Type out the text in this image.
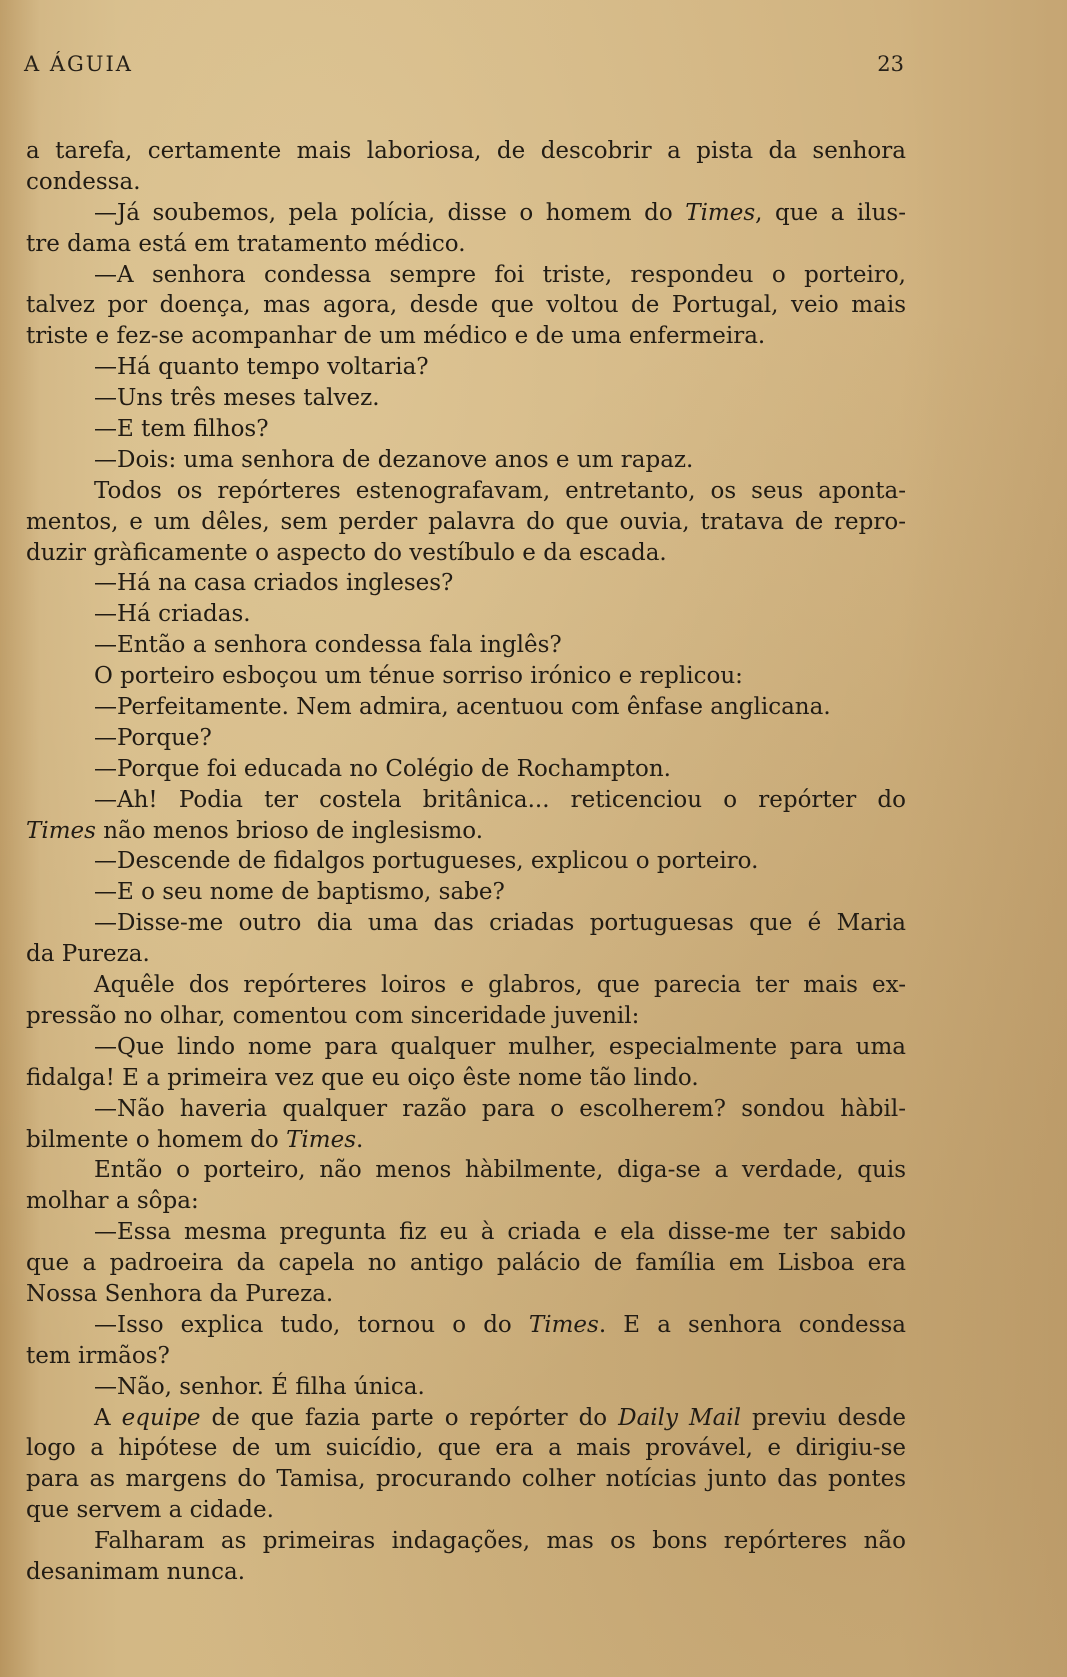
A ÁGUIA	23
a tarefa, certamente mais laboriosa, de descobrir a pista da senhora
condessa.
—Já soubemos, pela polícia, disse o homem do Times, que a ilus-
tre dama está em tratamento médico.
—A senhora condessa sempre foi triste, respondeu o porteiro,
talvez por doença, mas agora, desde que voltou de Portugal, veio mais
triste e fez-se acompanhar de um médico e de uma enfermeira.
—Há quanto tempo voltaria?
—Uns três meses talvez.
—E tem filhos?
—Dois: uma senhora de dezanove anos e um rapaz.
Todos os repórteres estenografavam, entretanto, os seus aponta-
mentos, e um dêles, sem perder palavra do que ouvia, tratava de repro-
duzir gràficamente o aspecto do vestíbulo e da escada.
—Há na casa criados ingleses?
—Há criadas.
—Então a senhora condessa fala inglês?
O porteiro esboçou um ténue sorriso irónico e replicou:
—Perfeitamente. Nem admira, acentuou com ênfase anglicana.
—Porque?
—Porque foi educada no Colégio de Rochampton.
—Ah! Podia ter costela britânica... reticenciou o repórter do
Times não menos brioso de inglesismo.
—Descende de fidalgos portugueses, explicou o porteiro.
—E o seu nome de baptismo, sabe?
—Disse-me outro dia uma das criadas portuguesas que é Maria
da Pureza.
Aquêle dos repórteres loiros e glabros, que parecia ter mais ex-
pressão no olhar, comentou com sinceridade juvenil:
—Que lindo nome para qualquer mulher, especialmente para uma
fidalga! E a primeira vez que eu oiço êste nome tão lindo.
—Não haveria qualquer razão para o escolherem? sondou hàbil-
bilmente o homem do Times.
Então o porteiro, não menos hàbilmente, diga-se a verdade, quis
molhar a sôpa:
—Essa mesma pregunta fiz eu à criada e ela disse-me ter sabido
que a padroeira da capela no antigo palácio de família em Lisboa era
Nossa Senhora da Pureza.
—Isso explica tudo, tornou o do Times. E a senhora condessa
tem irmãos?
—Não, senhor. É filha única.
A equipe de que fazia parte o repórter do Daily Mail previu desde
logo a hipótese de um suicídio, que era a mais provável, e dirigiu-se
para as margens do Tamisa, procurando colher notícias junto das pontes
que servem a cidade.
Falharam as primeiras indagações, mas os bons repórteres não
desanimam nunca.
